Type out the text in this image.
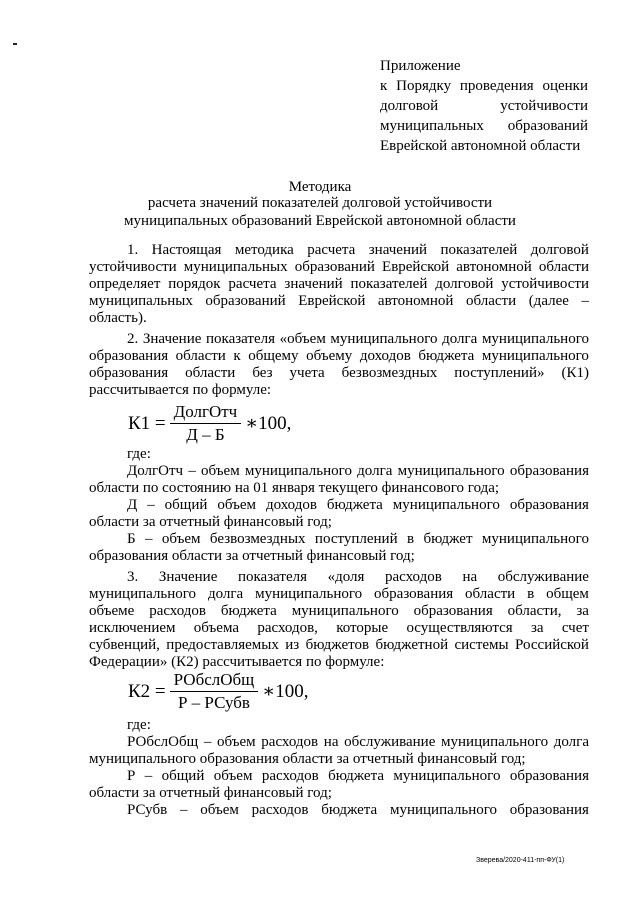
Приложение
к Порядку проведения оценки
долговой	устойчивости
муниципальных образований
Еврейской автономной области
Методика
расчета значений показателей долговой устойчивости
муниципальных образований Еврейской автономной области
1. Настоящая методика расчета значений показателей долговой
устойчивости муниципальных образований Еврейской автономной области
определяет порядок расчета значений показателей долговой устойчивости
муниципальных образований Еврейской автономной области (далее –
область).
2. Значение показателя «объем муниципального долга муниципального
образования области к общему объему доходов бюджета муниципального
образования области без учета безвозмездных поступлений» (К1)
рассчитывается по формуле:
$К1 = \frac{\text{ДолгОтч}}{Д - Б}$ ∗100,
где:
ДолгОтч – объем муниципального долга муниципального образования
области по состоянию на 01 января текущего финансового года;
Д – общий объем доходов бюджета муниципального образования
области за отчетный финансовый год;
Б – объем безвозмездных поступлений в бюджет муниципального
образования области за отчетный финансовый год;
3. Значение показателя «доля расходов на обслуживание
муниципального долга муниципального образования области в общем
объеме расходов бюджета муниципального образования области, за
исключением объема расходов, которые осуществляются за счет
субвенций, предоставляемых из бюджетов бюджетной системы Российской
Федерации» (К2) рассчитывается по формуле:
$К2 = \frac{\text{РОбслОбщ}}{\text{Р – РСубв}}$ ∗100,
где:
РОбслОбщ – объем расходов на обслуживание муниципального долга
муниципального образования области за отчетный финансовый год;
Р – общий объем расходов бюджета муниципального образования
области за отчетный финансовый год;
РСубв – объем расходов бюджета муниципального образования
Зверева/2020-411-пп-ФУ(1)
